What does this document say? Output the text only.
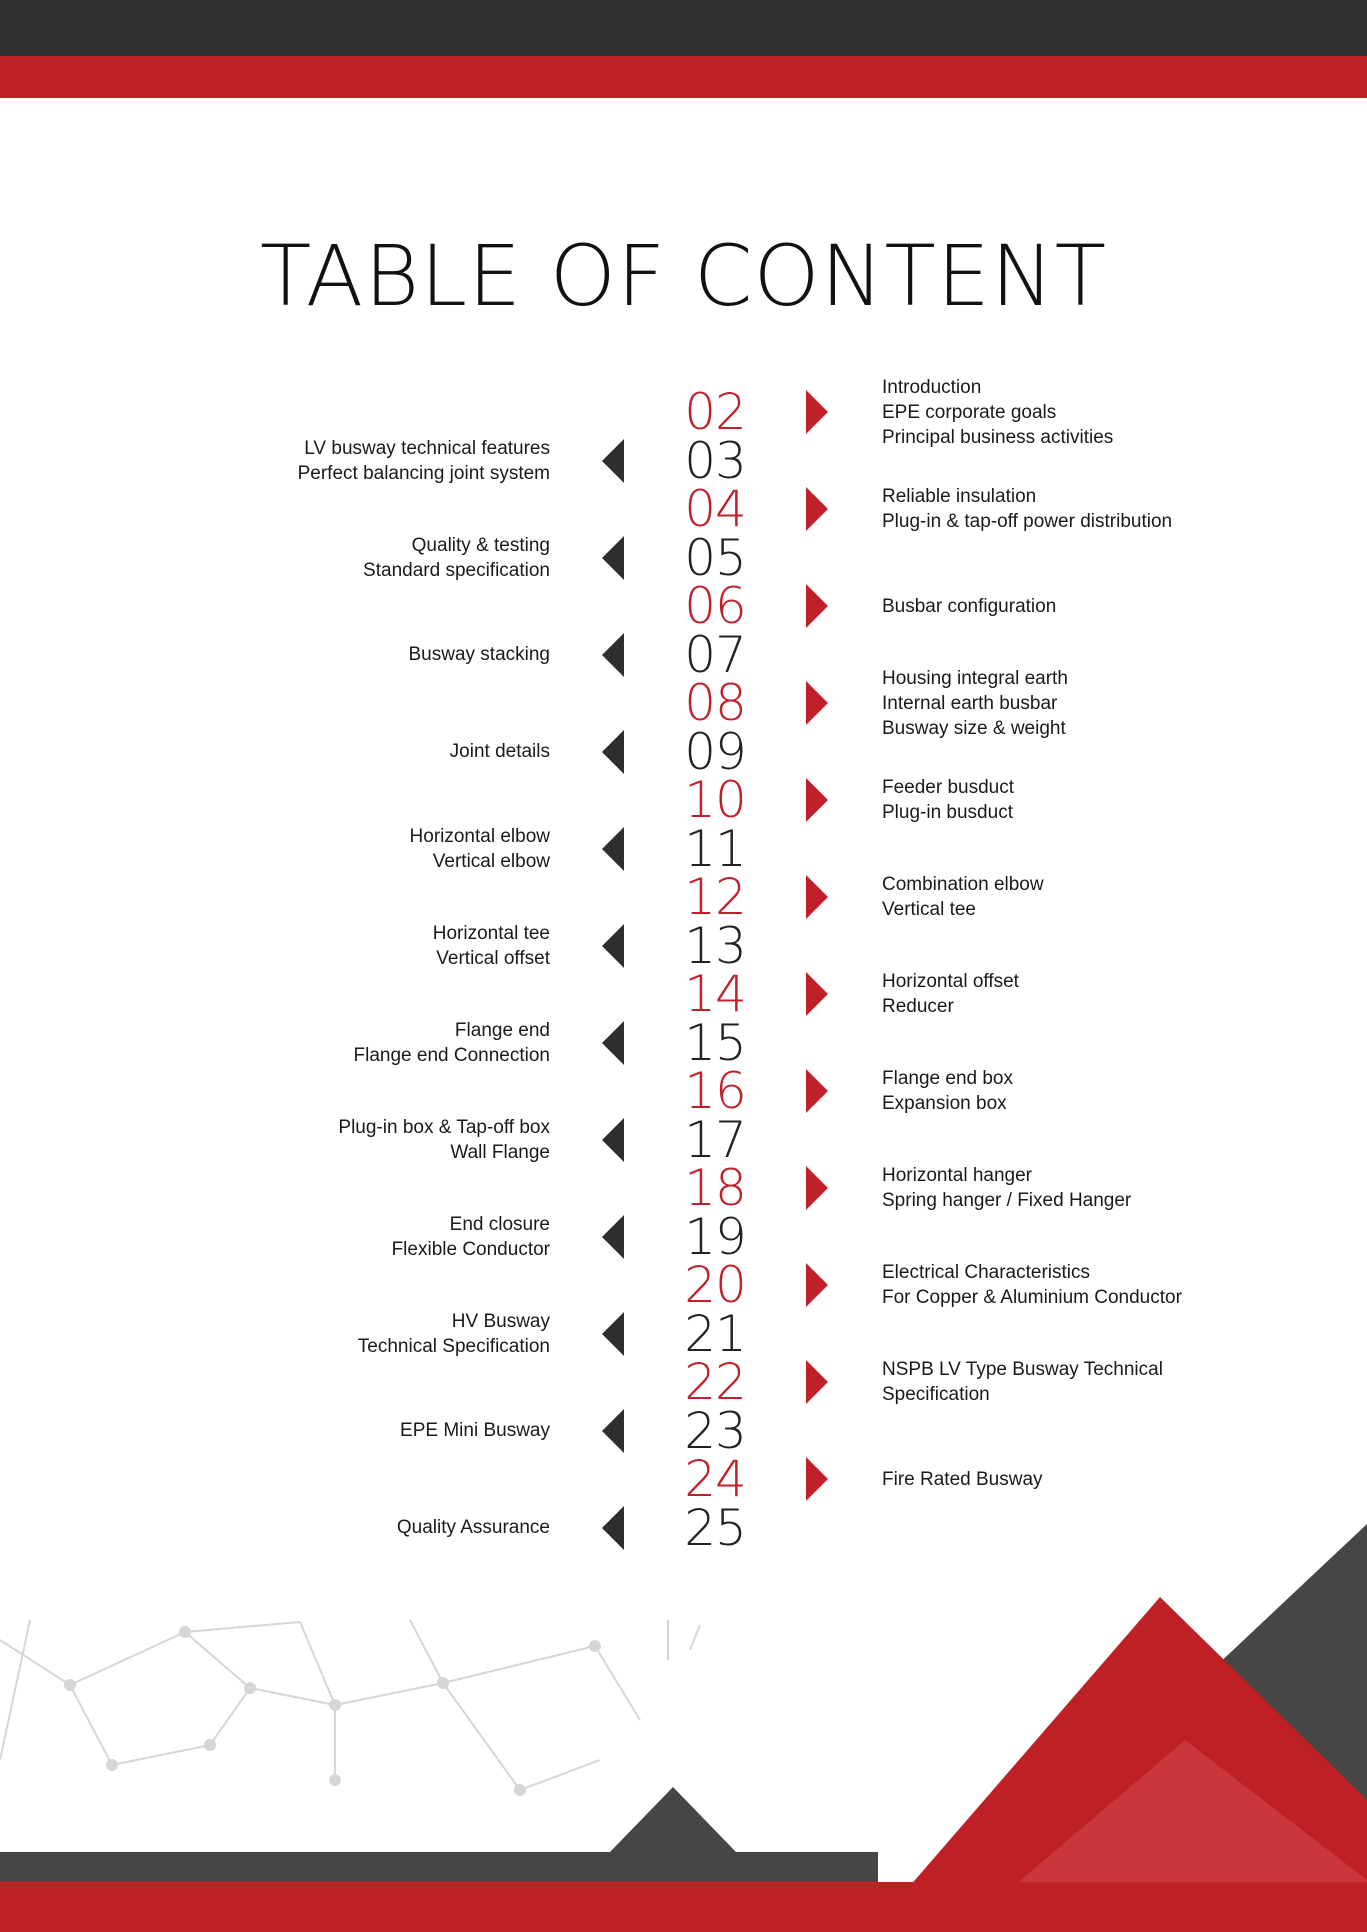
TABLE OF CONTENT
02	Introduction
EPE corporate goals
Principal business activities
03
LV busway technical features
Perfect balancing joint system
04	Reliable insulation
Plug-in & tap-off power distribution
05
Quality & testing
Standard specification
06	Busbar configuration
07
Busway stacking
08	Housing integral earth
Internal earth busbar
Busway size & weight
09
Joint details
10	Feeder busduct
Plug-in busduct
11
Horizontal elbow
Vertical elbow
12	Combination elbow
Vertical tee
13
Horizontal tee
Vertical offset
14	Horizontal offset
Reducer
15
Flange end
Flange end Connection
16	Flange end box
Expansion box
17
Plug-in box & Tap-off box
Wall Flange
18	Horizontal hanger
Spring hanger / Fixed Hanger
19
End closure
Flexible Conductor
20	Electrical Characteristics
For Copper & Aluminium Conductor
21
HV Busway
Technical Specification
22	NSPB LV Type Busway Technical
Specification
23
EPE Mini Busway
24	Fire Rated Busway
25
Quality Assurance
